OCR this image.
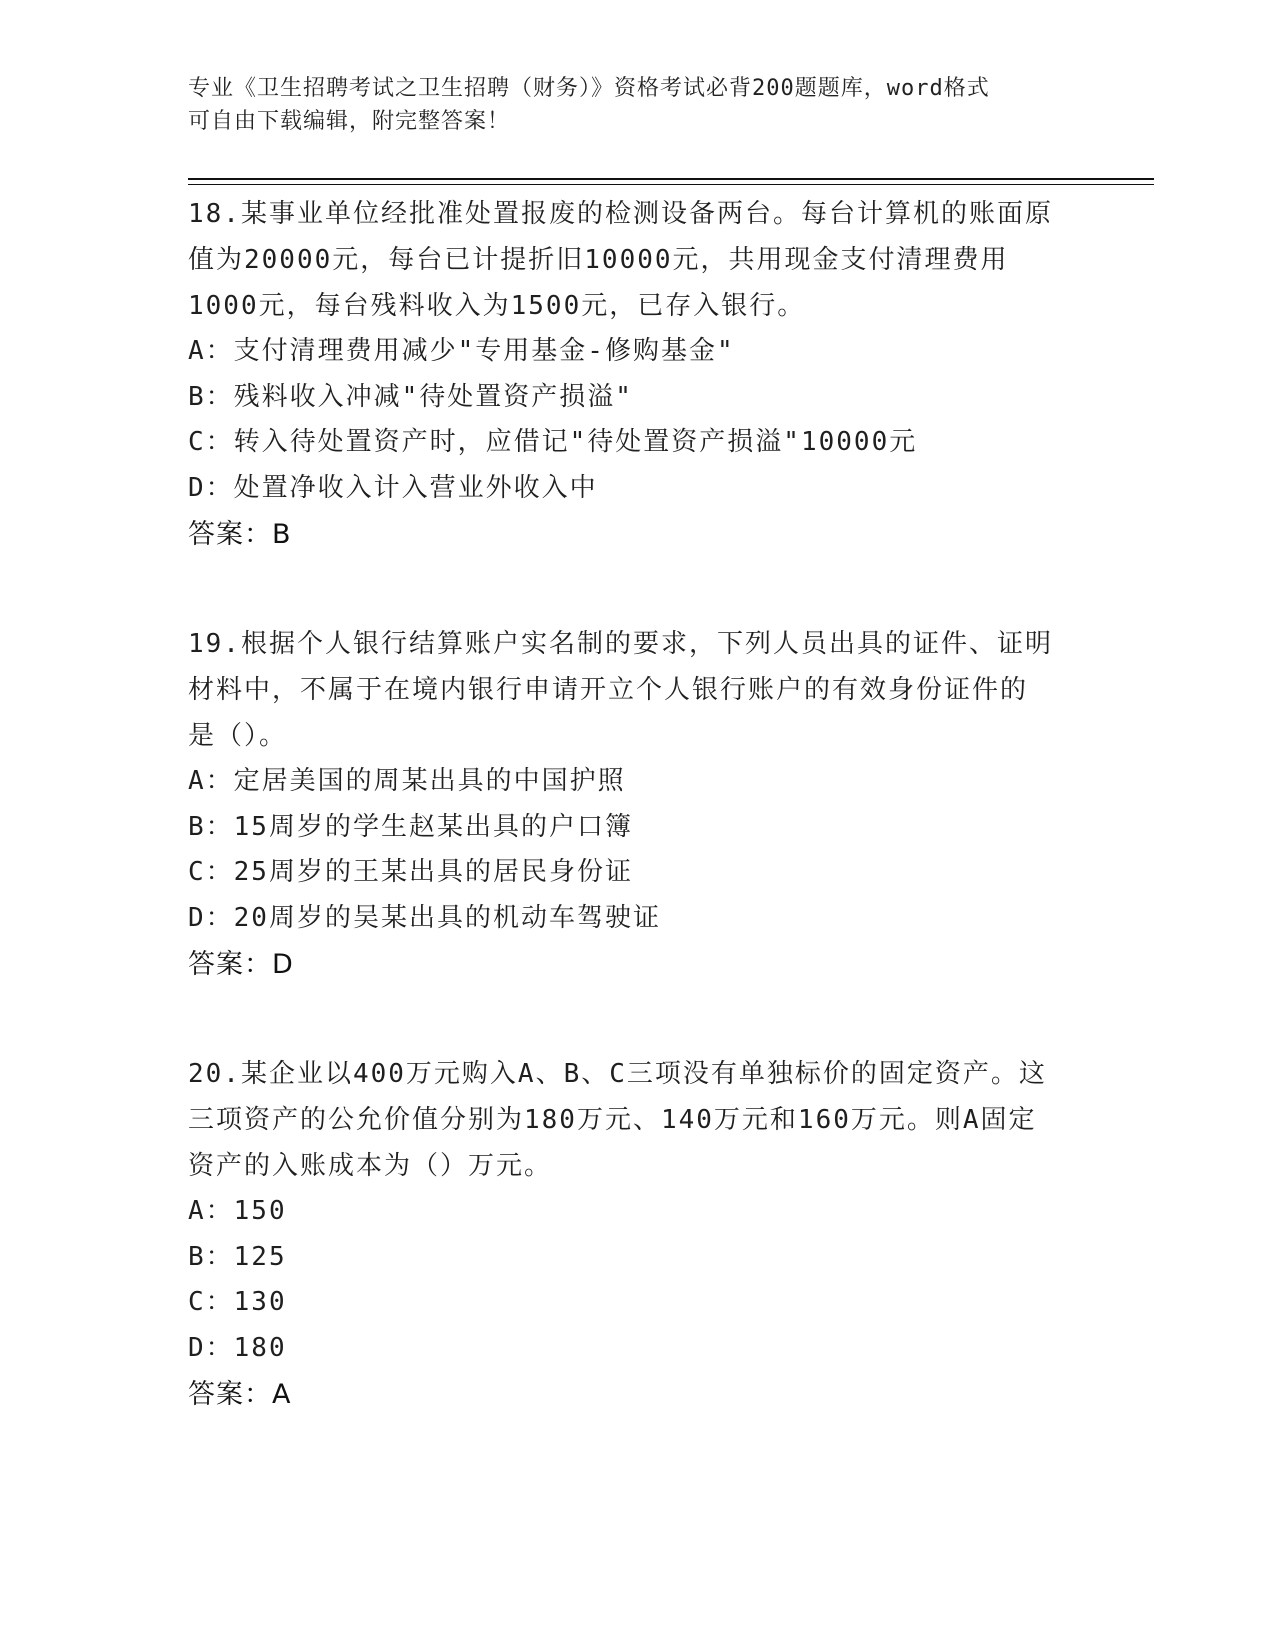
专业《卫生招聘考试之卫生招聘（财务）》资格考试必背200题题库，word格式
可自由下载编辑，附完整答案！
18.某事业单位经批准处置报废的检测设备两台。每台计算机的账面原
值为20000元，每台已计提折旧10000元，共用现金支付清理费用
1000元，每台残料收入为1500元，已存入银行。
A：支付清理费用减少"专用基金-修购基金"
B：残料收入冲减"待处置资产损溢"
C：转入待处置资产时，应借记"待处置资产损溢"10000元
D：处置净收入计入营业外收入中
答案：B
19.根据个人银行结算账户实名制的要求，下列人员出具的证件、证明
材料中，不属于在境内银行申请开立个人银行账户的有效身份证件的
是（）。
A：定居美国的周某出具的中国护照
B：15周岁的学生赵某出具的户口簿
C：25周岁的王某出具的居民身份证
D：20周岁的吴某出具的机动车驾驶证
答案：D
20.某企业以400万元购入A、B、C三项没有单独标价的固定资产。这
三项资产的公允价值分别为180万元、140万元和160万元。则A固定
资产的入账成本为（）万元。
A：150
B：125
C：130
D：180
答案：A
